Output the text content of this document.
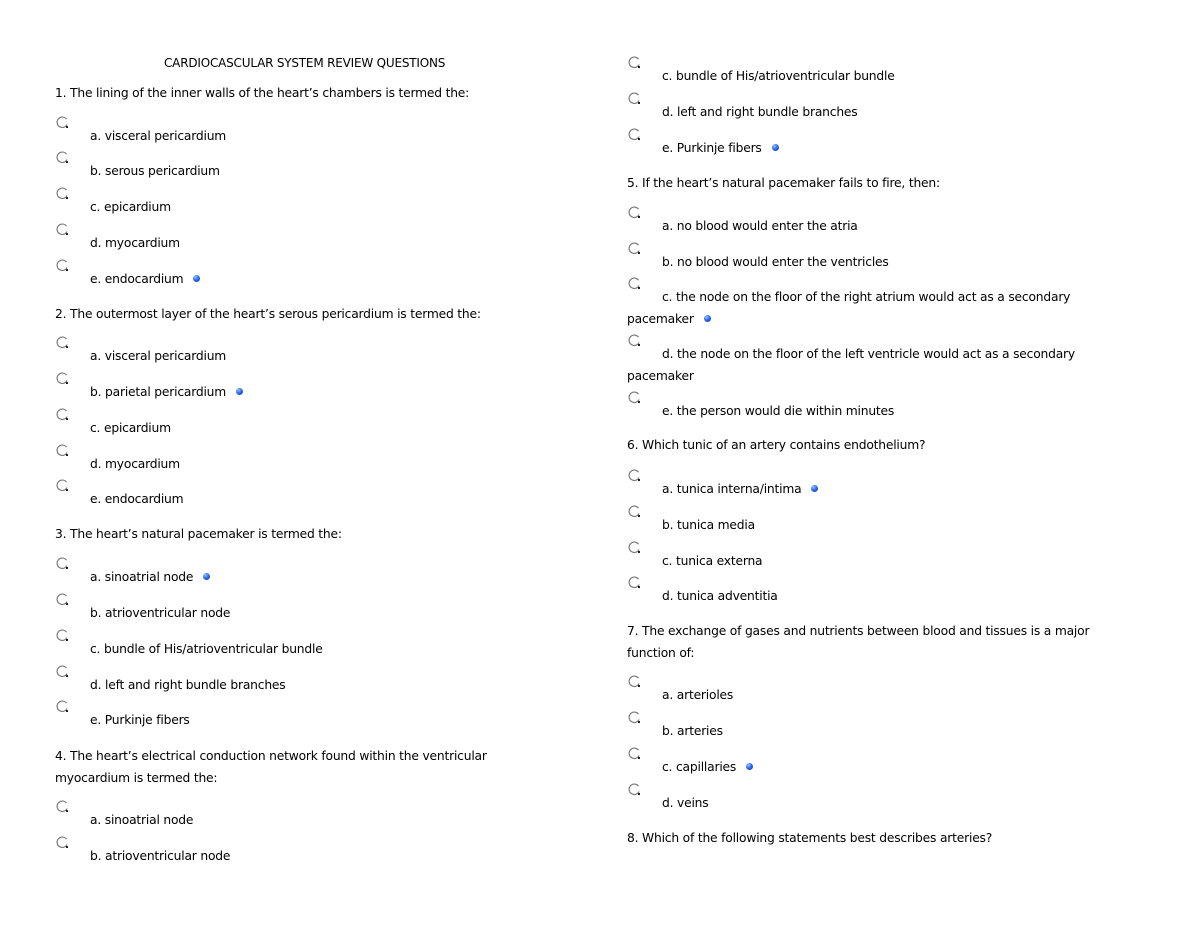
CARDIOCASCULAR SYSTEM REVIEW QUESTIONS
1. The lining of the inner walls of the heart’s chambers is termed the:
a. visceral pericardium
b. serous pericardium
c. epicardium
d. myocardium
e. endocardium
2. The outermost layer of the heart’s serous pericardium is termed the:
a. visceral pericardium
b. parietal pericardium
c. epicardium
d. myocardium
e. endocardium
3. The heart’s natural pacemaker is termed the:
a. sinoatrial node
b. atrioventricular node
c. bundle of His/atrioventricular bundle
d. left and right bundle branches
e. Purkinje fibers
4. The heart’s electrical conduction network found within the ventricular myocardium is termed the:
a. sinoatrial node
b. atrioventricular node
c. bundle of His/atrioventricular bundle
d. left and right bundle branches
e. Purkinje fibers
5. If the heart’s natural pacemaker fails to fire, then:
a. no blood would enter the atria
b. no blood would enter the ventricles
c. the node on the floor of the right atrium would act as a secondary pacemaker
d. the node on the floor of the left ventricle would act as a secondary pacemaker
e. the person would die within minutes
6. Which tunic of an artery contains endothelium?
a. tunica interna/intima
b. tunica media
c. tunica externa
d. tunica adventitia
7. The exchange of gases and nutrients between blood and tissues is a major function of:
a. arterioles
b. arteries
c. capillaries
d. veins
8. Which of the following statements best describes arteries?
